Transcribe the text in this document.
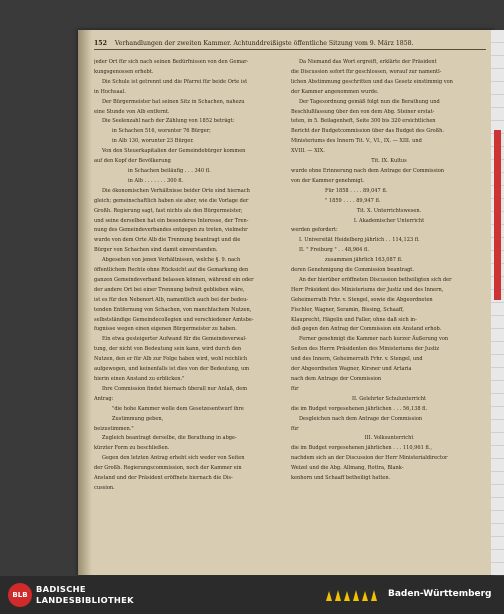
152 Verhandlungen der zweiten Kammer. Achtunddreißigste öffentliche Sitzung vom 9. März 1858.

jeder Ort für sich nach seinen Bedürfnissen von den Gemar-

kungsgenossen erhebt.

Die Schule ist getrennt und die Pfarrei für beide Orte ist

in Hochsaal.

Der Bürgermeister hat seinen Sitz in Schachen, nahezu

eine Stunde von Alb entfernt.

Die Seelenzahl nach der Zählung von 1852 beträgt:

in Schachen 516, worunter 76 Bürger;

in Alb 130, worunter 23 Bürger.

Von den Steuerkapitalien der Gemeindebürger kommen

auf den Kopf der Bevölkerung

in Schachen beiläufig . . . 340 fl.

in Alb . . . . . . . 300 fl.

Die ökonomischen Verhältnisse beider Orte sind hiernach

gleich; gemeinschaftlich haben sie aber, wie die Vorlage der

Großh. Regierung sagt, fast nichts als den Bürgermeister,

und seine derselben hat ein besonderes Interesse, der Tren-

nung des Gemeindeverbandes entgegen zu treten, vielmehr

wurde von dem Orte Alb die Trennung beantragt und die

Bürger von Schachen sind damit einverstanden.

Abgesehen von jenen Verhältnissen, welche §. 9. nach

öffentlichem Rechte ohne Rücksicht auf die Gemarkung den

ganzen Gemeindeverband belassen können, während ein oder

der andere Ort bei einer Trennung befreit geblieben wäre,

ist es für den Nebenort Alb, namentlich auch bei der bedeu-

tenden Entfernung von Schachen, von manchfachem Nutzen,

selbstständige Gemeindecollegien und verschiedener Amtsbe-

fugnisse wegen einen eigenen Bürgermeister zu haben.

Ein etwa gesteigerter Aufwand für die Gemeindeverwal-

tung, der nicht von Bedeutung sein kann, wird durch den

Nutzen, den er für Alb zur Folge haben wird, wohl reichlich

aufgewogen, und keinenfalls ist dies von der Bedeutung, um

hierin einen Anstand zu erblicken."

Ihre Commission findet hiernach überall nur Anlaß, dem

Antrag:

"die hohe Kammer wolle dem Gesetzesentwurf ihre

Zustimmung geben,

beizustimmen."

Zugleich beantragt derselbe, die Berathung in abge-

kürzter Form zu beschließen.

Gegen den letzten Antrag erhebt sich weder von Seiten

der Großh. Regierungscommission, noch der Kammer ein

Anstand und der Präsident eröffnete hiernach die Dis-

cussion.

Da Niemand das Wort ergreift, erklärte der Präsident

die Discussion sofort für geschlossen, worauf zur namentl-

lichen Abstimmung geschritten und das Gesetz einstimmig von

der Kammer angenommen wurde.

Der Tagesordnung gemäß folgt nun die Berathung und

Beschlußfassung über den von dem Abg. Steiner erstat-

teten, in 5. Beilagenheft, Seite 300 bis 320 ersichtlichen

Bericht der Budgetcommission über das Budget des Großh.

Ministeriums des Innern Tit. V., VI., IX. — XIII. und

XVIII. — XIX.

Tit. IX. Kultus

wurde ohne Erinnerung nach dem Antrage der Commission

von der Kammer genehmigt.

Für 1858 . . . . 89,047 fl.

" 1859 . . . . 89,947 fl.

Tit. X. Unterrichtswesen.

I. Akademischer Unterricht

werden gefordert:

I. Universität Heidelberg jährlich . . 114,123 fl.

II. " Freiburg " . . 48,964 fl.

zusammen jährlich 163,087 fl.

deren Genehmigung die Commission beantragt.

An der hierüber eröffneten Discussion betheiligten sich der

Herr Präsident des Ministeriums der Justiz und des Innern,

Geheimerrath Frhr. v. Stengel, sowie die Abgeordneten

Fischler, Wagner, Seramin, Bissing, Schaaff,

Klauprecht, Hägelin und Faller, ohne daß sich in-

deß gegen den Antrag der Commission ein Anstand erhob.

Ferner genehmigt die Kammer nach kurzer Äußerung von

Seiten des Herrn Präsidenten des Ministeriums der Justiz

und des Innern, Geheimerrath Frhr. v. Stengel, und

der Abgeordneten Wagner, Kirsner und Artaria

nach dem Antrage der Commission

für

II. Gelehrter Schulunterricht

die im Budget vorgesehenen jährlichen . . . 56,138 fl.

Desgleichen nach dem Antrage der Commission

für

III. Volksunterricht

die im Budget vorgesehenen jährlichen . . . 110,961 fl.,

nachdem sich an der Discussion der Herr Ministerialdirector

Weizel und die Abg. Allmang, Rottra, Blank-

kenhorn und Schaaff betheiligt hatten.

BLB
BADISCHE
LANDESBIBLIOTHEK
Baden-Württemberg
